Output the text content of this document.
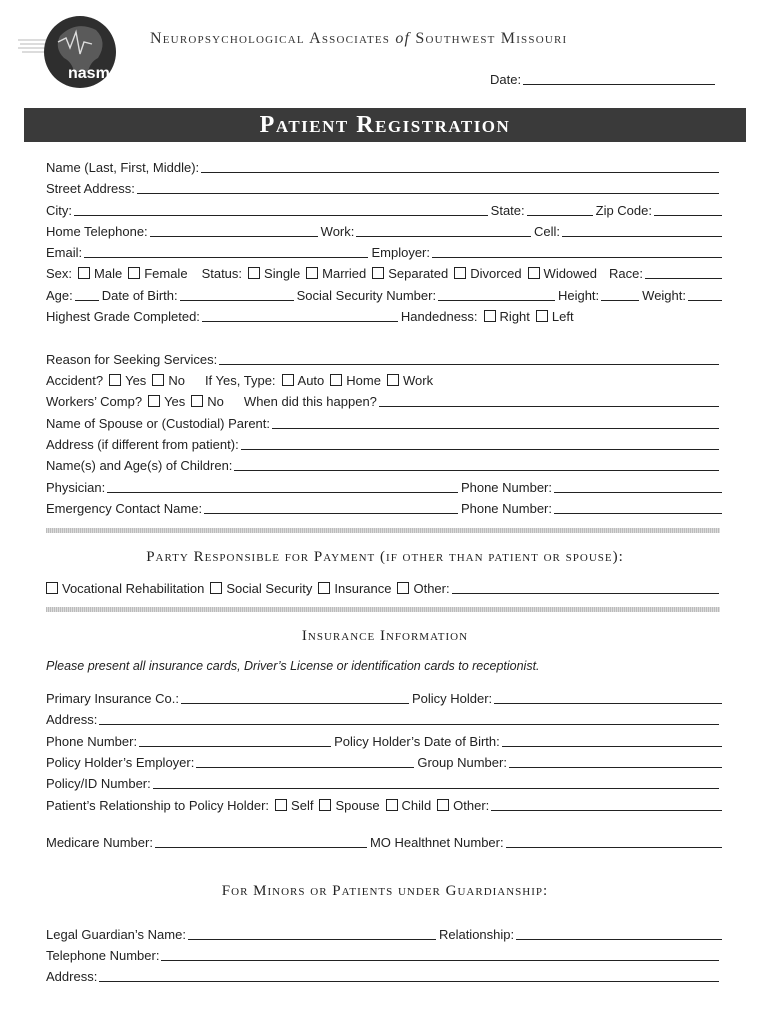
nasm
Neuropsychological Associates of Southwest Missouri
Date:
Patient Registration
Name (Last, First, Middle):
Street Address:
City:	State:	Zip Code:
Home Telephone:	Work:	Cell:
Email:	Employer:
Sex: Male Female Status: Single Married Separated Divorced Widowed Race:
Age: Date of Birth:	Social Security Number:	Height:	Weight:
Highest Grade Completed:	Handedness: Right Left
Reason for Seeking Services:
Accident? Yes No If Yes, Type: Auto Home Work
Workers’ Comp? Yes No When did this happen?
Name of Spouse or (Custodial) Parent:
Address (if different from patient):
Name(s) and Age(s) of Children:
Physician:	Phone Number:
Emergency Contact Name:	Phone Number:
Party Responsible for Payment (if other than patient or spouse):
Vocational Rehabilitation Social Security Insurance Other:
Insurance Information
Please present all insurance cards, Driver’s License or identification cards to receptionist.
Primary Insurance Co.:	Policy Holder:
Address:
Phone Number:	Policy Holder’s Date of Birth:
Policy Holder’s Employer:	Group Number:
Policy/ID Number:
Patient’s Relationship to Policy Holder: Self Spouse Child Other:
Medicare Number:	MO Healthnet Number:
For Minors or Patients under Guardianship:
Legal Guardian’s Name:	Relationship:
Telephone Number:
Address:
